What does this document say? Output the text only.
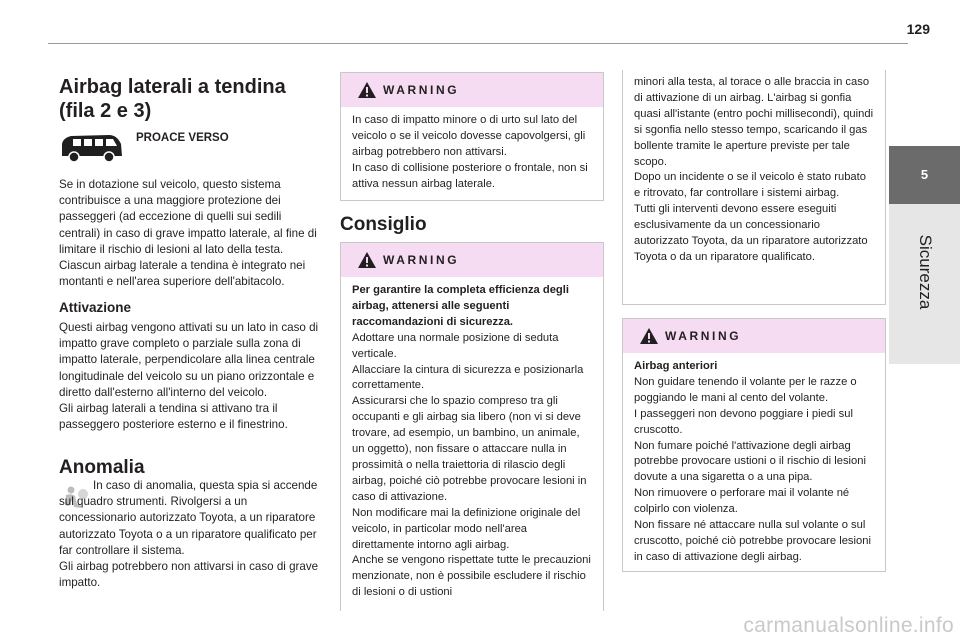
129
5
Sicurezza
Airbag laterali a tendina
(fila 2 e 3)
PROACE VERSO
Se in dotazione sul veicolo, questo sistema contribuisce a una maggiore protezione dei passeggeri (ad eccezione di quelli sui sedili centrali) in caso di grave impatto laterale, al fine di limitare il rischio di lesioni al lato della testa. Ciascun airbag laterale a tendina è integrato nei montanti e nell'area superiore dell'abitacolo.
Attivazione

Questi airbag vengono attivati su un lato in caso di impatto grave completo o parziale sulla zona di impatto laterale, perpendicolare alla linea centrale longitudinale del veicolo su un piano orizzontale e diretto dall'esterno all'interno del veicolo.

Gli airbag laterali a tendina si attivano tra il passeggero posteriore esterno e il finestrino.

Anomalia

In caso di anomalia, questa spia si accende sul quadro strumenti. Rivolgersi a un concessionario autorizzato Toyota, a un riparatore autorizzato Toyota o a un riparatore qualificato per far controllare il sistema.

Gli airbag potrebbero non attivarsi in caso di grave impatto.

WARNING

In caso di impatto minore o di urto sul lato del veicolo o se il veicolo dovesse capovolgersi, gli airbag potrebbero non attivarsi.

In caso di collisione posteriore o frontale, non si attiva nessun airbag laterale.

Consiglio
WARNING

Per garantire la completa efficienza degli airbag, attenersi alle seguenti raccomandazioni di sicurezza.

Adottare una normale posizione di seduta verticale.

Allacciare la cintura di sicurezza e posizionarla correttamente.

Assicurarsi che lo spazio compreso tra gli occupanti e gli airbag sia libero (non vi si deve trovare, ad esempio, un bambino, un animale, un oggetto), non fissare o attaccare nulla in prossimità o nella traiettoria di rilascio degli airbag, poiché ciò potrebbe provocare lesioni in caso di attivazione.

Non modificare mai la definizione originale del veicolo, in particolar modo nell'area direttamente intorno agli airbag.

Anche se vengono rispettate tutte le precauzioni menzionate, non è possibile escludere il rischio di lesioni o di ustioni

minori alla testa, al torace o alle braccia in caso di attivazione di un airbag. L'airbag si gonfia quasi all'istante (entro pochi millisecondi), quindi si sgonfia nello stesso tempo, scaricando il gas bollente tramite le aperture previste per tale scopo.

Dopo un incidente o se il veicolo è stato rubato e ritrovato, far controllare i sistemi airbag.

Tutti gli interventi devono essere eseguiti esclusivamente da un concessionario autorizzato Toyota, da un riparatore autorizzato Toyota o da un riparatore qualificato.

WARNING

Airbag anteriori

Non guidare tenendo il volante per le razze o poggiando le mani al cento del volante.

I passeggeri non devono poggiare i piedi sul cruscotto.

Non fumare poiché l'attivazione degli airbag potrebbe provocare ustioni o il rischio di lesioni dovute a una sigaretta o a una pipa.

Non rimuovere o perforare mai il volante né colpirlo con violenza.

Non fissare né attaccare nulla sul volante o sul cruscotto, poiché ciò potrebbe provocare lesioni in caso di attivazione degli airbag.

carmanualsonline.info
